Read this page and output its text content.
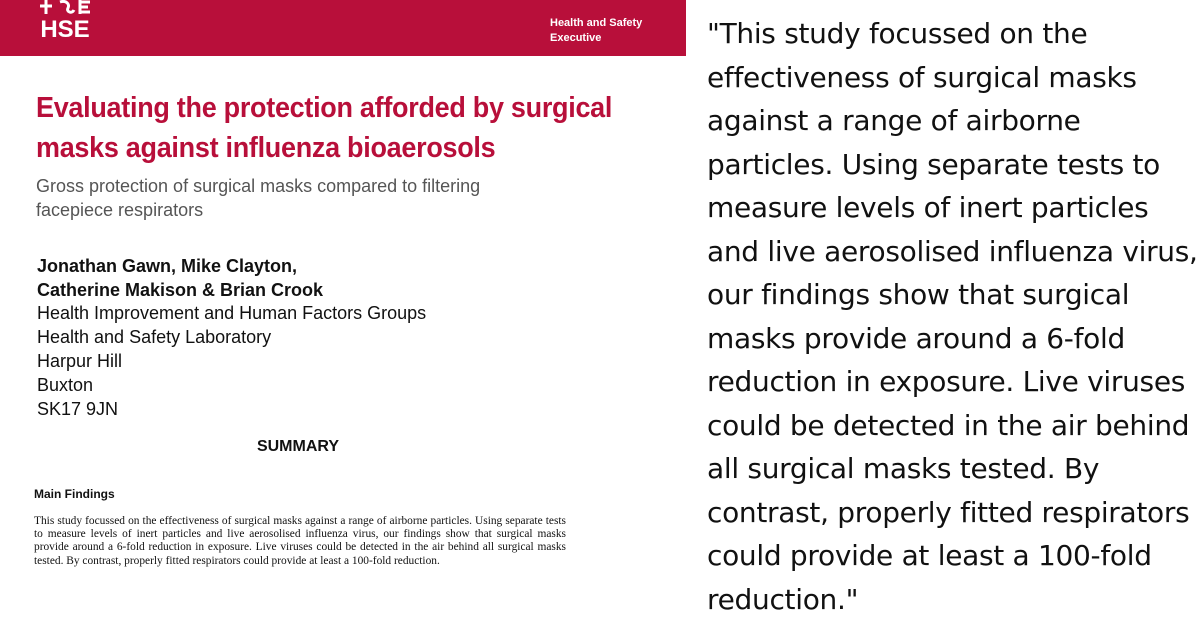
HSE	Health and Safety
Executive
Evaluating the protection afforded by surgical masks against influenza bioaerosols

Gross protection of surgical masks compared to filtering facepiece respirators

Jonathan Gawn, Mike Clayton,
Catherine Makison & Brian Crook
Health Improvement and Human Factors Groups
Health and Safety Laboratory
Harpur Hill
Buxton
SK17 9JN
SUMMARY
Main Findings

This study focussed on the effectiveness of surgical masks against a range of airborne particles. Using separate tests to measure levels of inert particles and live aerosolised influenza virus, our findings show that surgical masks provide around a 6-fold reduction in exposure. Live viruses could be detected in the air behind all surgical masks tested. By contrast, properly fitted respirators could provide at least a 100-fold reduction.

"This study focussed on the effectiveness of surgical masks against a range of airborne particles. Using separate tests to measure levels of inert particles and live aerosolised influenza virus, our findings show that surgical masks provide around a 6-fold reduction in exposure. Live viruses could be detected in the air behind all surgical masks tested. By contrast, properly fitted respirators could provide at least a 100-fold reduction."
